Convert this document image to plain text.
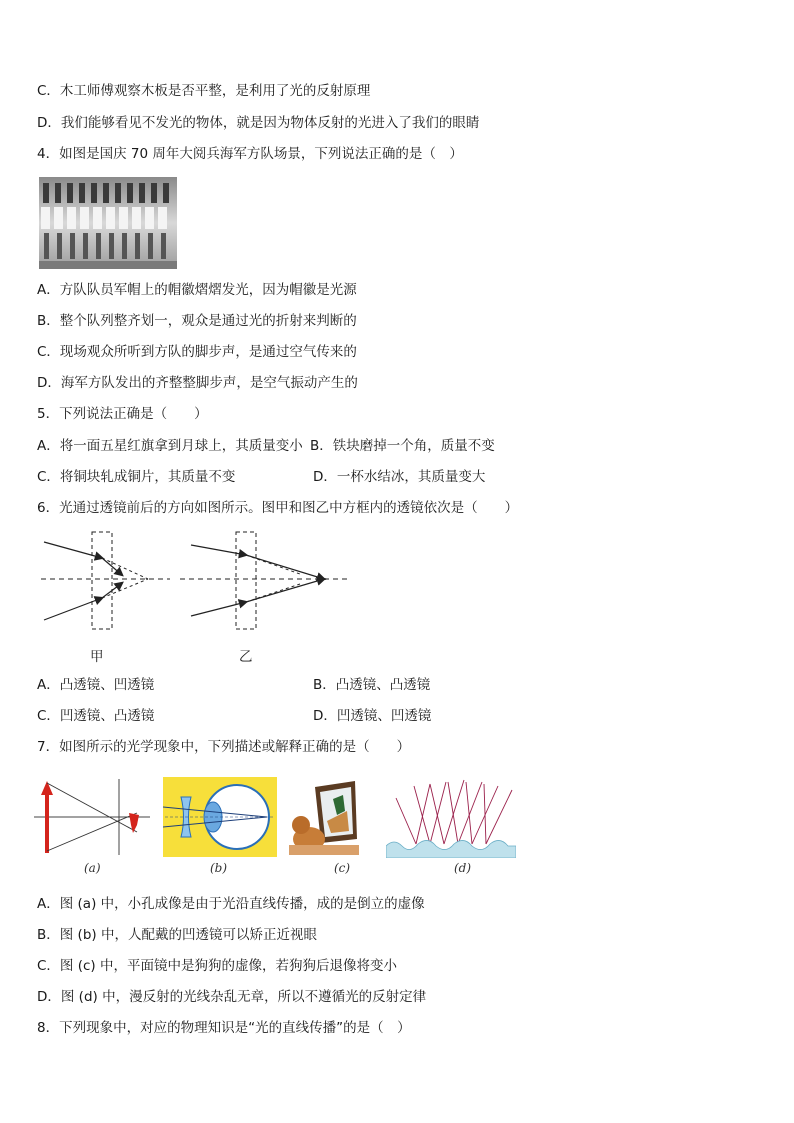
C．木工师傅观察木板是否平整，是利用了光的反射原理
D．我们能够看见不发光的物体，就是因为物体反射的光进入了我们的眼睛
4．如图是国庆 70 周年大阅兵海军方队场景，下列说法正确的是（　）
A．方队队员军帽上的帽徽熠熠发光，因为帽徽是光源
B．整个队列整齐划一，观众是通过光的折射来判断的
C．现场观众所听到方队的脚步声，是通过空气传来的
D．海军方队发出的齐整整脚步声，是空气振动产生的
5．下列说法正确是（　　）
A．将一面五星红旗拿到月球上，其质量变小 B．铁块磨掉一个角，质量不变
C．将铜块轧成铜片，其质量不变	D．一杯水结冰，其质量变大
6．光通过透镜前后的方向如图所示。图甲和图乙中方框内的透镜依次是（　　）
甲	乙
A．凸透镜、凹透镜	B．凸透镜、凸透镜
C．凹透镜、凸透镜	D．凹透镜、凹透镜
7．如图所示的光学现象中，下列描述或解释正确的是（　　）
(a)	(b)	(c)	(d)
A．图 (a) 中，小孔成像是由于光沿直线传播，成的是倒立的虚像
B．图 (b) 中，人配戴的凹透镜可以矫正近视眼
C．图 (c) 中，平面镜中是狗狗的虚像，若狗狗后退像将变小
D．图 (d) 中，漫反射的光线杂乱无章，所以不遵循光的反射定律
8．下列现象中，对应的物理知识是“光的直线传播”的是（　）
